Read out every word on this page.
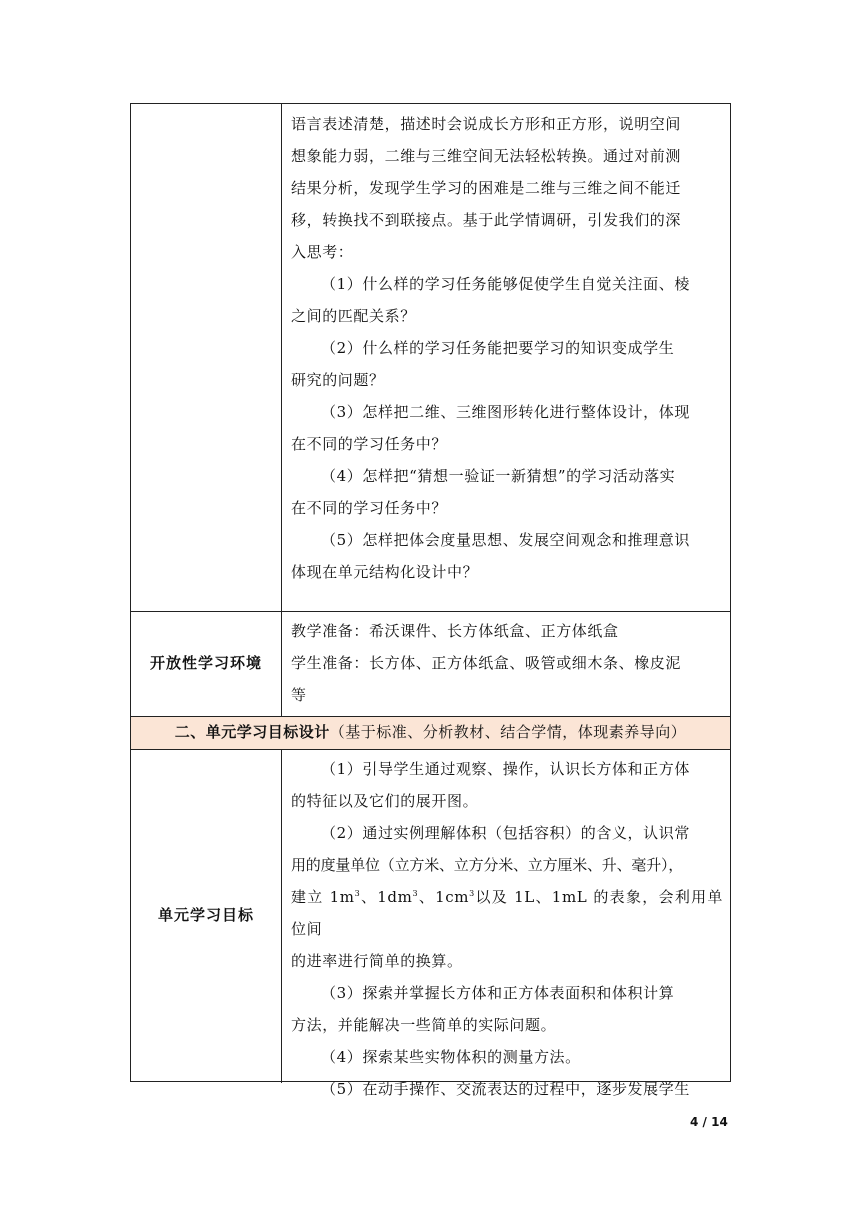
语言表述清楚，描述时会说成长方形和正方形，说明空间

想象能力弱，二维与三维空间无法轻松转换。通过对前测

结果分析，发现学生学习的困难是二维与三维之间不能迁

移，转换找不到联接点。基于此学情调研，引发我们的深

入思考：

（1）什么样的学习任务能够促使学生自觉关注面、棱

之间的匹配关系？

（2）什么样的学习任务能把要学习的知识变成学生

研究的问题？

（3）怎样把二维、三维图形转化进行整体设计，体现

在不同的学习任务中？

（4）怎样把“猜想一验证一新猜想”的学习活动落实

在不同的学习任务中？

（5）怎样把体会度量思想、发展空间观念和推理意识

体现在单元结构化设计中？

开放性学习环境

教学准备：希沃课件、长方体纸盒、正方体纸盒

学生准备：长方体、正方体纸盒、吸管或细木条、橡皮泥

等

二、单元学习目标设计（基于标准、分析教材、结合学情，体现素养导向）
单元学习目标

（1）引导学生通过观察、操作，认识长方体和正方体

的特征以及它们的展开图。

（2）通过实例理解体积（包括容积）的含义，认识常

用的度量单位（立方米、立方分米、立方厘米、升、毫升），

建立 $1m^3$、$1dm^3$、$1cm^3$以及 1L、1mL 的表象，会利用单位间

的进率进行简单的换算。

（3）探索并掌握长方体和正方体表面积和体积计算

方法，并能解决一些简单的实际问题。

（4）探索某些实物体积的测量方法。

（5）在动手操作、交流表达的过程中，逐步发展学生

4 / 14
